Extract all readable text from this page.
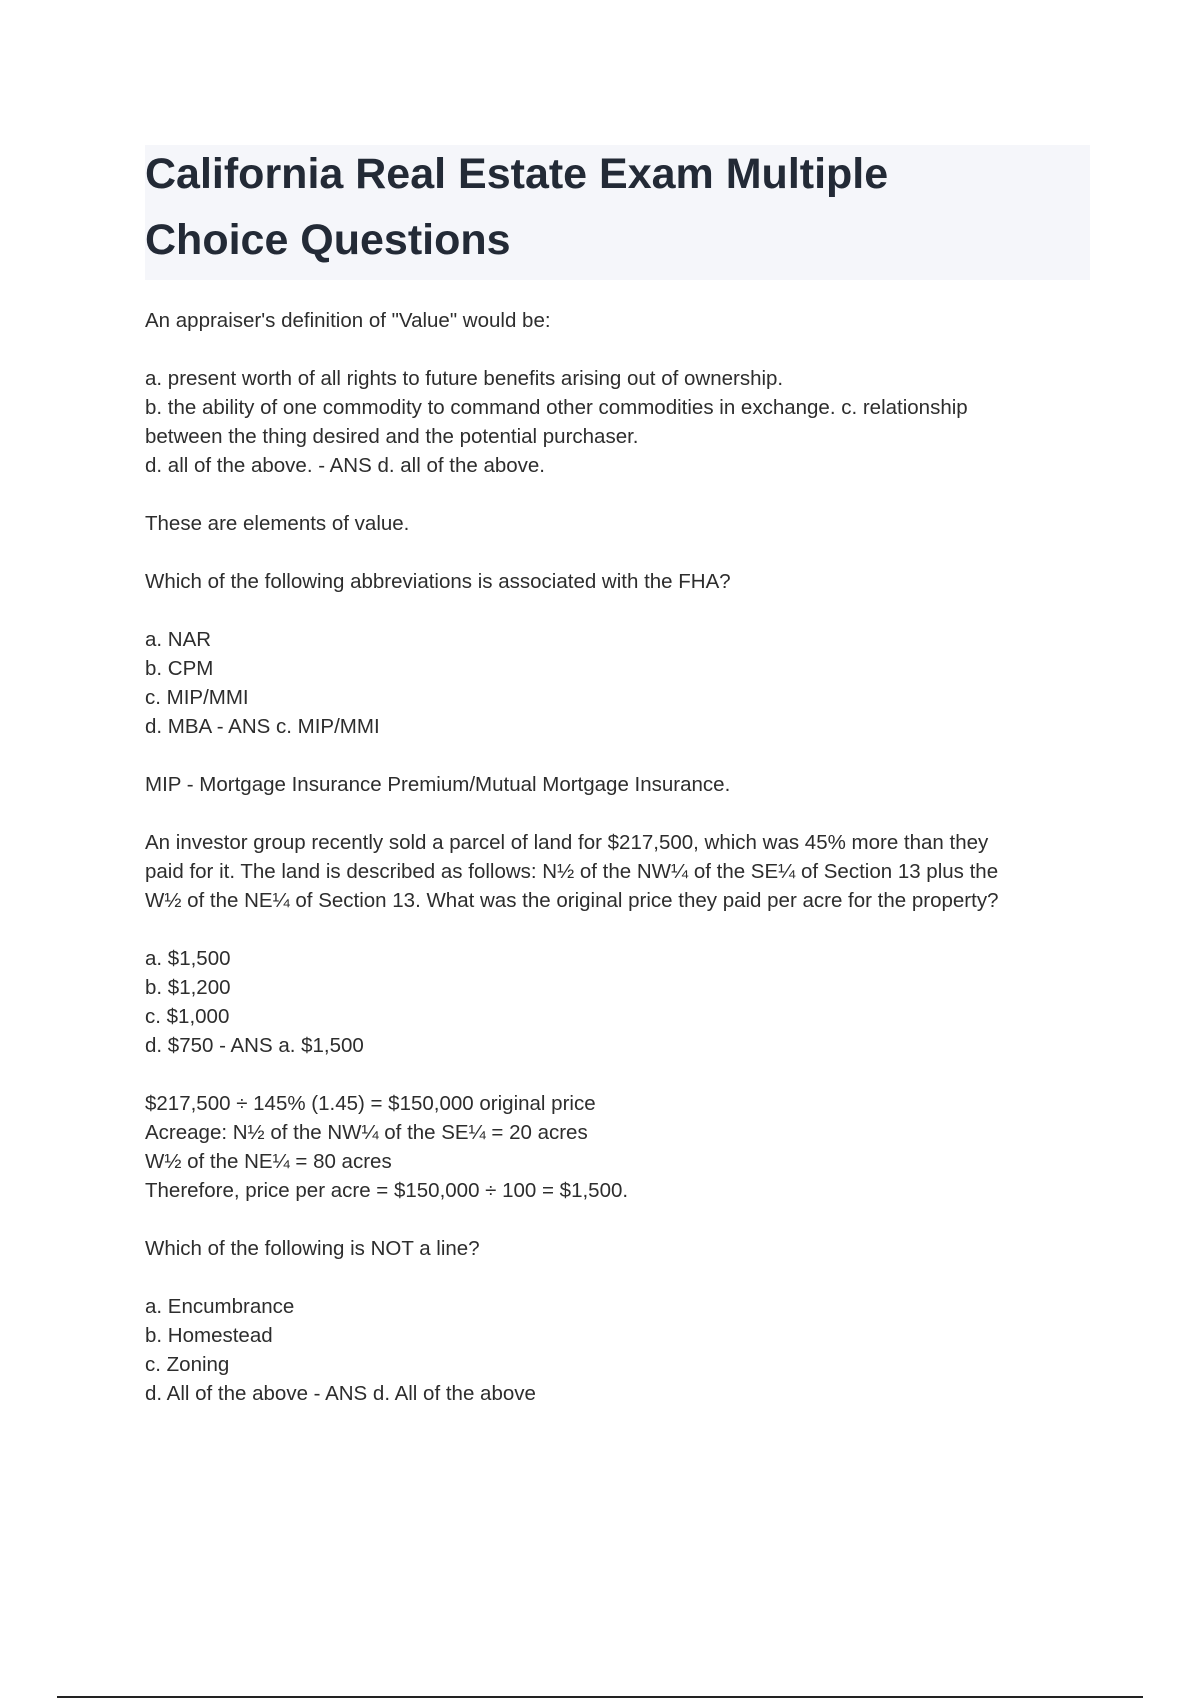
California Real Estate Exam Multiple
Choice Questions
An appraiser's definition of "Value" would be:
a. present worth of all rights to future benefits arising out of ownership.
b. the ability of one commodity to command other commodities in exchange. c. relationship
between the thing desired and the potential purchaser.
d. all of the above. - ANS d. all of the above.
These are elements of value.
Which of the following abbreviations is associated with the FHA?
a. NAR
b. CPM
c. MIP/MMI
d. MBA - ANS c. MIP/MMI
MIP - Mortgage Insurance Premium/Mutual Mortgage Insurance.
An investor group recently sold a parcel of land for $217,500, which was 45% more than they
paid for it. The land is described as follows: N½ of the NW¼ of the SE¼ of Section 13 plus the
W½ of the NE¼ of Section 13. What was the original price they paid per acre for the property?
a. $1,500
b. $1,200
c. $1,000
d. $750 - ANS a. $1,500
$217,500 ÷ 145% (1.45) = $150,000 original price
Acreage: N½ of the NW¼ of the SE¼ = 20 acres
W½ of the NE¼ = 80 acres
Therefore, price per acre = $150,000 ÷ 100 = $1,500.
Which of the following is NOT a line?
a. Encumbrance
b. Homestead
c. Zoning
d. All of the above - ANS d. All of the above
